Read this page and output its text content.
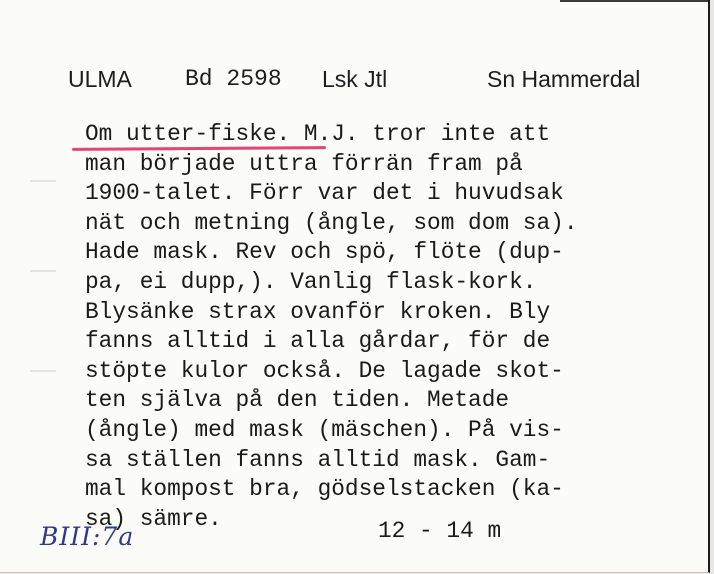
ULMA Bd 2598 Lsk Jtl	Sn Hammerdal
Om utter-fiske. M.J. tror inte att
man började uttra förrän fram på
1900-talet. Förr var det i huvudsak
nät och metning (ångle, som dom sa).
Hade mask. Rev och spö, flöte (dup-
pa, ei dupp,). Vanlig flask-kork.
Blysänke strax ovanför kroken. Bly
fanns alltid i alla gårdar, för de
stöpte kulor också. De lagade skot-
ten själva på den tiden. Metade
(ångle) med mask (mäschen). På vis-
sa ställen fanns alltid mask. Gam-
mal kompost bra, gödselstacken (ka-
sa) sämre.
BIII:7a	12 - 14 m
